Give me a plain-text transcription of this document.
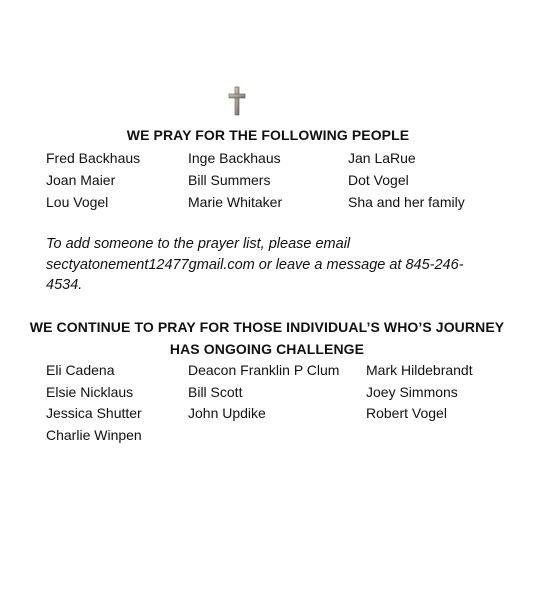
WE PRAY FOR THE FOLLOWING PEOPLE
Fred Backhaus
Joan Maier
Lou Vogel
Inge Backhaus
Bill Summers
Marie Whitaker
Jan LaRue
Dot Vogel
Sha and her family
To add someone to the prayer list, please email
sectyatonement12477gmail.com or leave a message at 845-246-
4534.
WE CONTINUE TO PRAY FOR THOSE INDIVIDUAL’S WHO’S JOURNEY
HAS ONGOING CHALLENGE
Eli Cadena
Elsie Nicklaus
Jessica Shutter
Charlie Winpen
Deacon Franklin P Clum
Bill Scott
John Updike
Mark Hildebrandt
Joey Simmons
Robert Vogel
